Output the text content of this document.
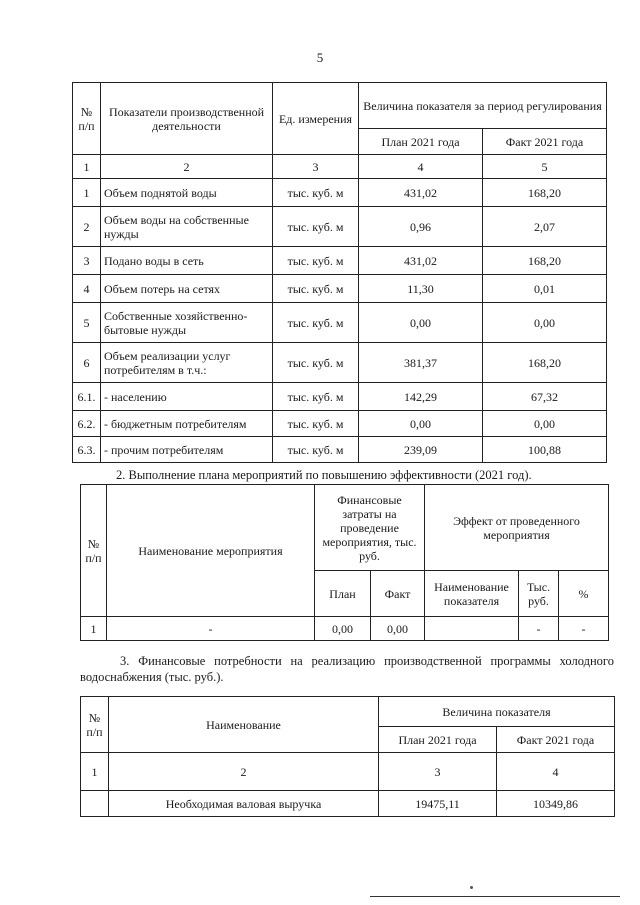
5
№ п/п	Показатели производственной деятельности	Ед. измерения	Величина показателя за период регулирования	
			План 2021 года	Факт 2021 года
1	2	3	4	5
1	Объем поднятой воды	тыс. куб. м	431,02	168,20
2	Объем воды на собственные нужды	тыс. куб. м	0,96	2,07
3	Подано воды в сеть	тыс. куб. м	431,02	168,20
4	Объем потерь на сетях	тыс. куб. м	11,30	0,01
5	Собственные хозяйственно-бытовые нужды	тыс. куб. м	0,00	0,00
6	Объем реализации услуг потребителям в т.ч.:	тыс. куб. м	381,37	168,20
6.1.	- населению	тыс. куб. м	142,29	67,32
6.2.	- бюджетным потребителям	тыс. куб. м	0,00	0,00
6.3.	- прочим потребителям	тыс. куб. м	239,09	100,88
2. Выполнение плана мероприятий по повышению эффективности (2021 год).
№ п/п	Наименование мероприятия	Финансовые затраты на проведение мероприятия, тыс. руб.		Эффект от проведенного мероприятия		
		План	Факт	Наименование показателя	Тыс. руб.	%
1	-	0,00	0,00		-	-
3. Финансовые потребности на реализацию производственной программы холодного водоснабжения (тыс. руб.).
№ п/п	Наименование	Величина показателя	
		План 2021 года	Факт 2021 года
1	2	3	4
	Необходимая валовая выручка	19475,11	10349,86
